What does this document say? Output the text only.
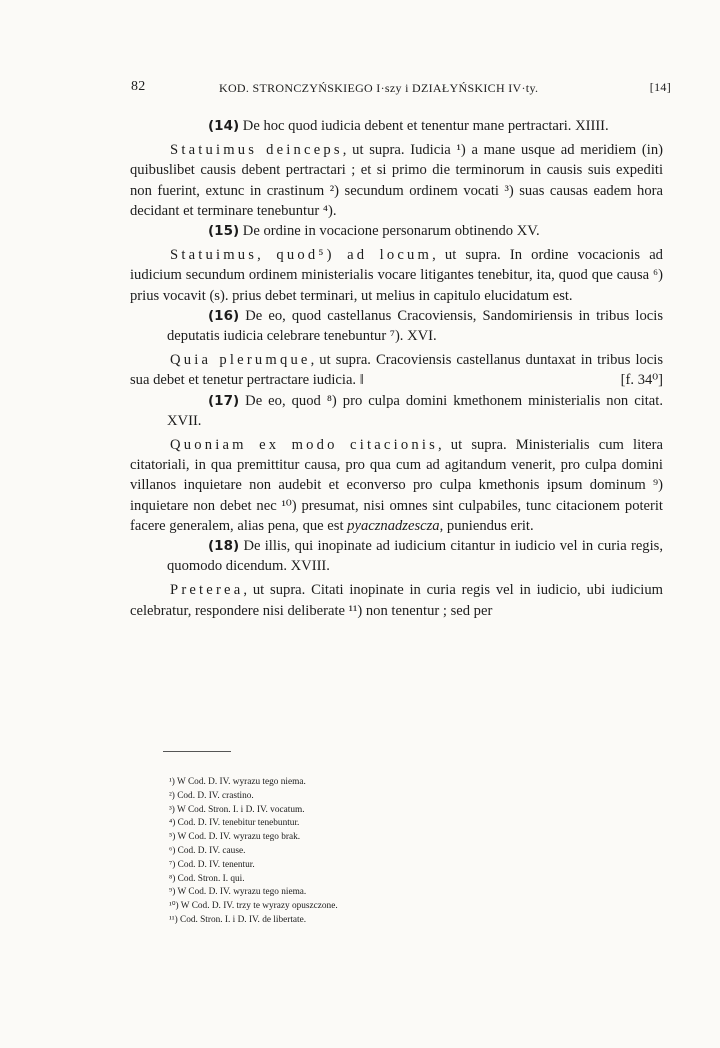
82	KOD. STRONCZYŃSKIEGO I·szy i DZIAŁYŃSKICH IV·ty.	[14]

(14) De hoc quod iudicia debent et tenentur mane pertractari. XIIII.

Statuimus deinceps, ut supra. Iudicia ¹) a mane usque ad meridiem (in) quibuslibet causis debent pertractari ; et si primo die terminorum in causis suis expediti non fuerint, extunc in crastinum ²) secundum ordinem vocati ³) suas causas eadem hora decidant et terminare tenebuntur ⁴).

(15) De ordine in vocacione personarum obtinendo XV.

Statuimus, quod⁵) ad locum, ut supra. In ordine vocacionis ad iudicium secundum ordinem ministerialis vocare litigantes tenebitur, ita, quod que causa ⁶) prius vocavit (s). prius debet terminari, ut melius in capitulo elucidatum est.

(16) De eo, quod castellanus Cracoviensis, Sandomiriensis in tribus locis deputatis iudicia celebrare tenebuntur ⁷). XVI.

Quia plerumque, ut supra. Cracoviensis castellanus duntaxat in tribus locis sua debet et tenetur pertractare iudicia. ‖	[f. 34⁰]

(17) De eo, quod ⁸) pro culpa domini kmethonem ministerialis non citat. XVII.

Quoniam ex modo citacionis, ut supra. Ministerialis cum litera citatoriali, in qua premittitur causa, pro qua cum ad agitandum venerit, pro culpa domini villanos inquietare non audebit et econverso pro culpa kmethonis ipsum dominum ⁹) inquietare non debet nec ¹⁰) presumat, nisi omnes sint culpabiles, tunc citacionem poterit facere generalem, alias pena, que est pyacznadzescza, puniendus erit.

(18) De illis, qui inopinate ad iudicium citantur in iudicio vel in curia regis, quomodo dicendum. XVIII.

Preterea, ut supra. Citati inopinate in curia regis vel in iudicio, ubi iudicium celebratur, respondere nisi deliberate ¹¹) non tenentur ; sed per

¹) W Cod. D. IV. wyrazu tego niema.
²) Cod. D. IV. crastino.
³) W Cod. Stron. I. i D. IV. vocatum.
⁴) Cod. D. IV. tenebitur tenebuntur.
⁵) W Cod. D. IV. wyrazu tego brak.
⁶) Cod. D. IV. cause.
⁷) Cod. D. IV. tenentur.
⁸) Cod. Stron. I. qui.
⁹) W Cod. D. IV. wyrazu tego niema.
¹⁰) W Cod. D. IV. trzy te wyrazy opuszczone.
¹¹) Cod. Stron. I. i D. IV. de libertate.
